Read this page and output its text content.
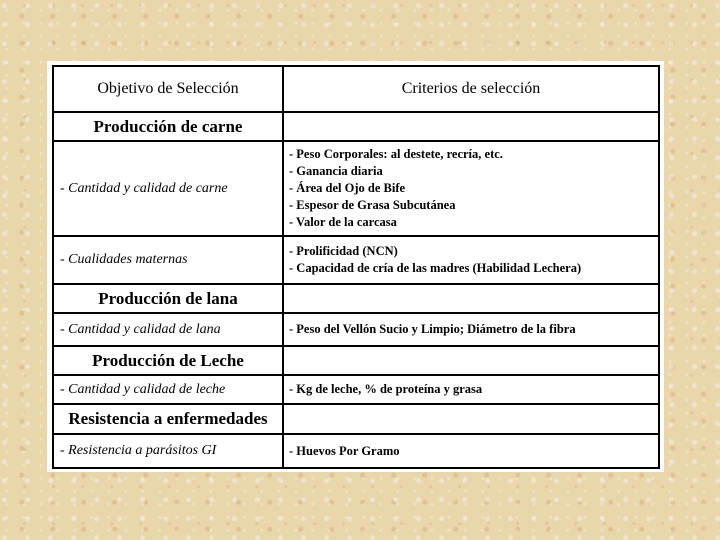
Objetivo de Selección	Criterios de selección
Producción de carne	
- Cantidad y calidad de carne	- Peso Corporales: al destete, recría, etc.
- Ganancia diaria
- Área del Ojo de Bife
- Espesor de Grasa Subcutánea
- Valor de la carcasa

- Cualidades maternas	- Prolificidad (NCN)
- Capacidad de cría de las madres (Habilidad Lechera)

Producción de lana	
- Cantidad y calidad de lana	- Peso del Vellón Sucio y Limpio; Diámetro de la fibra

Producción de Leche	
- Cantidad y calidad de leche	- Kg de leche, % de proteína y grasa

Resistencia a enfermedades	
- Resistencia a parásitos GI	- Huevos Por Gramo
